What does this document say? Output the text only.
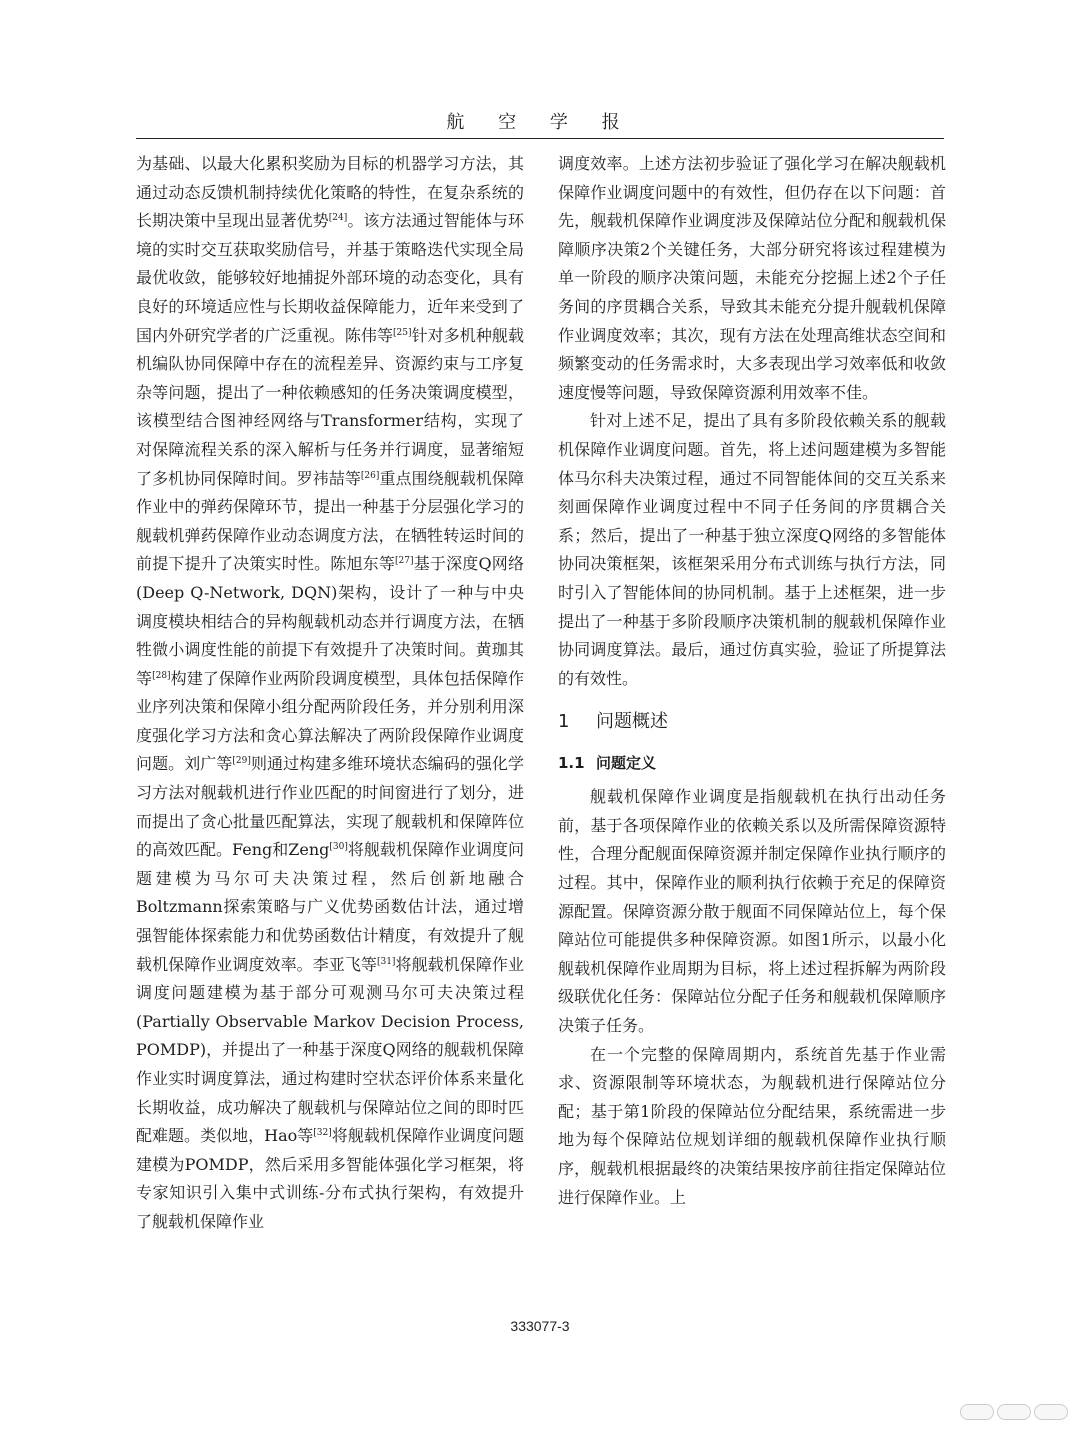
航 空 学 报

为基础、以最大化累积奖励为目标的机器学习方法，其通过动态反馈机制持续优化策略的特性，在复杂系统的长期决策中呈现出显著优势[24]。该方法通过智能体与环境的实时交互获取奖励信号，并基于策略迭代实现全局最优收敛，能够较好地捕捉外部环境的动态变化，具有良好的环境适应性与长期收益保障能力，近年来受到了国内外研究学者的广泛重视。陈伟等[25]针对多机种舰载机编队协同保障中存在的流程差异、资源约束与工序复杂等问题，提出了一种依赖感知的任务决策调度模型，该模型结合图神经网络与Transformer结构，实现了对保障流程关系的深入解析与任务并行调度，显著缩短了多机协同保障时间。罗祎喆等[26]重点围绕舰载机保障作业中的弹药保障环节，提出一种基于分层强化学习的舰载机弹药保障作业动态调度方法，在牺牲转运时间的前提下提升了决策实时性。陈旭东等[27]基于深度Q网络(Deep Q-Network, DQN)架构，设计了一种与中央调度模块相结合的异构舰载机动态并行调度方法，在牺牲微小调度性能的前提下有效提升了决策时间。黄珈其等[28]构建了保障作业两阶段调度模型，具体包括保障作业序列决策和保障小组分配两阶段任务，并分别利用深度强化学习方法和贪心算法解决了两阶段保障作业调度问题。刘广等[29]则通过构建多维环境状态编码的强化学习方法对舰载机进行作业匹配的时间窗进行了划分，进而提出了贪心批量匹配算法，实现了舰载机和保障阵位的高效匹配。Feng和Zeng[30]将舰载机保障作业调度问题建模为马尔可夫决策过程，然后创新地融合Boltzmann探索策略与广义优势函数估计法，通过增强智能体探索能力和优势函数估计精度，有效提升了舰载机保障作业调度效率。李亚飞等[31]将舰载机保障作业调度问题建模为基于部分可观测马尔可夫决策过程(Partially Observable Markov Decision Process, POMDP)，并提出了一种基于深度Q网络的舰载机保障作业实时调度算法，通过构建时空状态评价体系来量化长期收益，成功解决了舰载机与保障站位之间的即时匹配难题。类似地，Hao等[32]将舰载机保障作业调度问题建模为POMDP，然后采用多智能体强化学习框架，将专家知识引入集中式训练-分布式执行架构，有效提升了舰载机保障作业

调度效率。上述方法初步验证了强化学习在解决舰载机保障作业调度问题中的有效性，但仍存在以下问题：首先，舰载机保障作业调度涉及保障站位分配和舰载机保障顺序决策2个关键任务，大部分研究将该过程建模为单一阶段的顺序决策问题，未能充分挖掘上述2个子任务间的序贯耦合关系，导致其未能充分提升舰载机保障作业调度效率；其次，现有方法在处理高维状态空间和频繁变动的任务需求时，大多表现出学习效率低和收敛速度慢等问题，导致保障资源利用效率不佳。

针对上述不足，提出了具有多阶段依赖关系的舰载机保障作业调度问题。首先，将上述问题建模为多智能体马尔科夫决策过程，通过不同智能体间的交互关系来刻画保障作业调度过程中不同子任务间的序贯耦合关系；然后，提出了一种基于独立深度Q网络的多智能体协同决策框架，该框架采用分布式训练与执行方法，同时引入了智能体间的协同机制。基于上述框架，进一步提出了一种基于多阶段顺序决策机制的舰载机保障作业协同调度算法。最后，通过仿真实验，验证了所提算法的有效性。

1 问题概述
1.1 问题定义

舰载机保障作业调度是指舰载机在执行出动任务前，基于各项保障作业的依赖关系以及所需保障资源特性，合理分配舰面保障资源并制定保障作业执行顺序的过程。其中，保障作业的顺利执行依赖于充足的保障资源配置。保障资源分散于舰面不同保障站位上，每个保障站位可能提供多种保障资源。如图1所示，以最小化舰载机保障作业周期为目标，将上述过程拆解为两阶段级联优化任务：保障站位分配子任务和舰载机保障顺序决策子任务。

在一个完整的保障周期内，系统首先基于作业需求、资源限制等环境状态，为舰载机进行保障站位分配；基于第1阶段的保障站位分配结果，系统需进一步地为每个保障站位规划详细的舰载机保障作业执行顺序，舰载机根据最终的决策结果按序前往指定保障站位进行保障作业。上

333077-3
